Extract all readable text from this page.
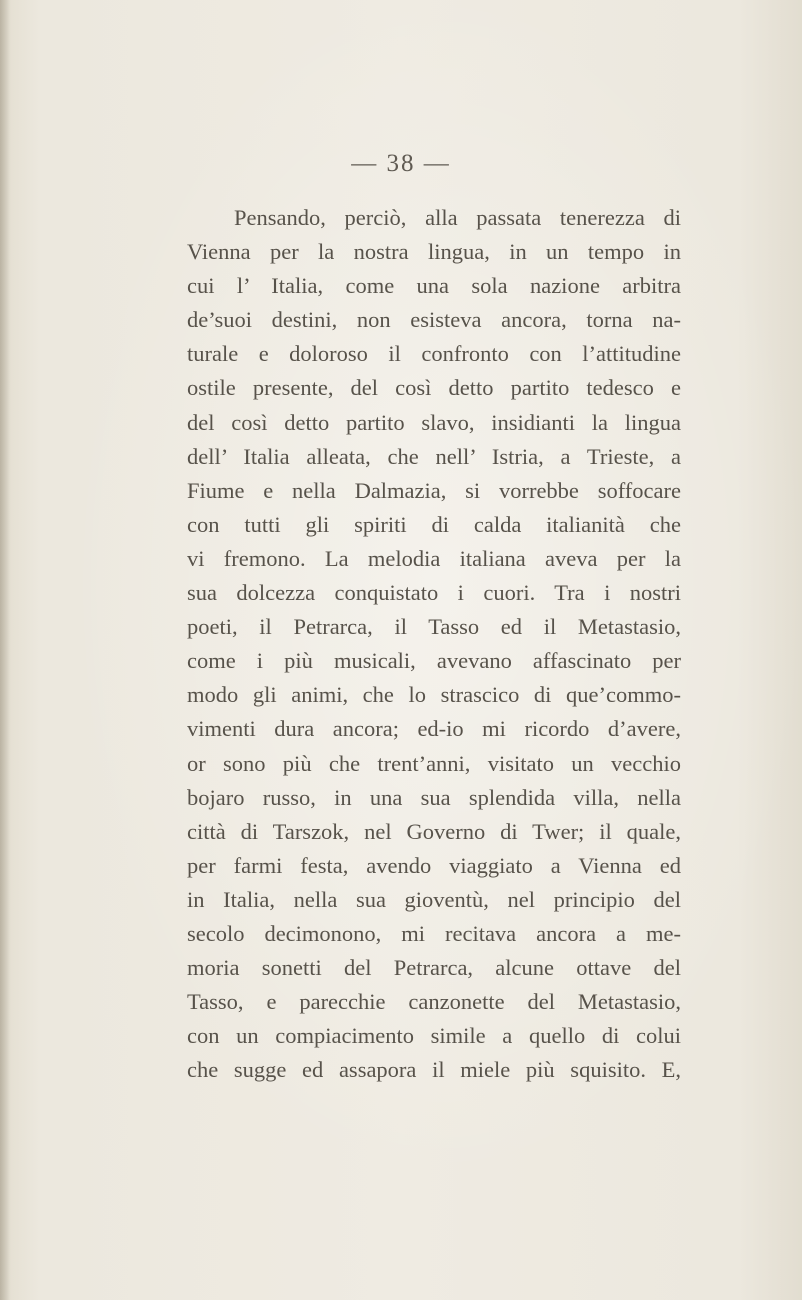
— 38 —
Pensando, perciò, alla passata tenerezza di
Vienna per la nostra lingua, in un tempo in
cui l’ Italia, come una sola nazione arbitra
de’suoi destini, non esisteva ancora, torna na-
turale e doloroso il confronto con l’attitudine
ostile presente, del così detto partito tedesco e
del così detto partito slavo, insidianti la lingua
dell’ Italia alleata, che nell’ Istria, a Trieste, a
Fiume e nella Dalmazia, si vorrebbe soffocare
con tutti gli spiriti di calda italianità che
vi fremono. La melodia italiana aveva per la
sua dolcezza conquistato i cuori. Tra i nostri
poeti, il Petrarca, il Tasso ed il Metastasio,
come i più musicali, avevano affascinato per
modo gli animi, che lo strascico di que’commo-
vimenti dura ancora; ed-io mi ricordo d’avere,
or sono più che trent’anni, visitato un vecchio
bojaro russo, in una sua splendida villa, nella
città di Tarszok, nel Governo di Twer; il quale,
per farmi festa, avendo viaggiato a Vienna ed
in Italia, nella sua gioventù, nel principio del
secolo decimonono, mi recitava ancora a me-
moria sonetti del Petrarca, alcune ottave del
Tasso, e parecchie canzonette del Metastasio,
con un compiacimento simile a quello di colui
che sugge ed assapora il miele più squisito. E,
